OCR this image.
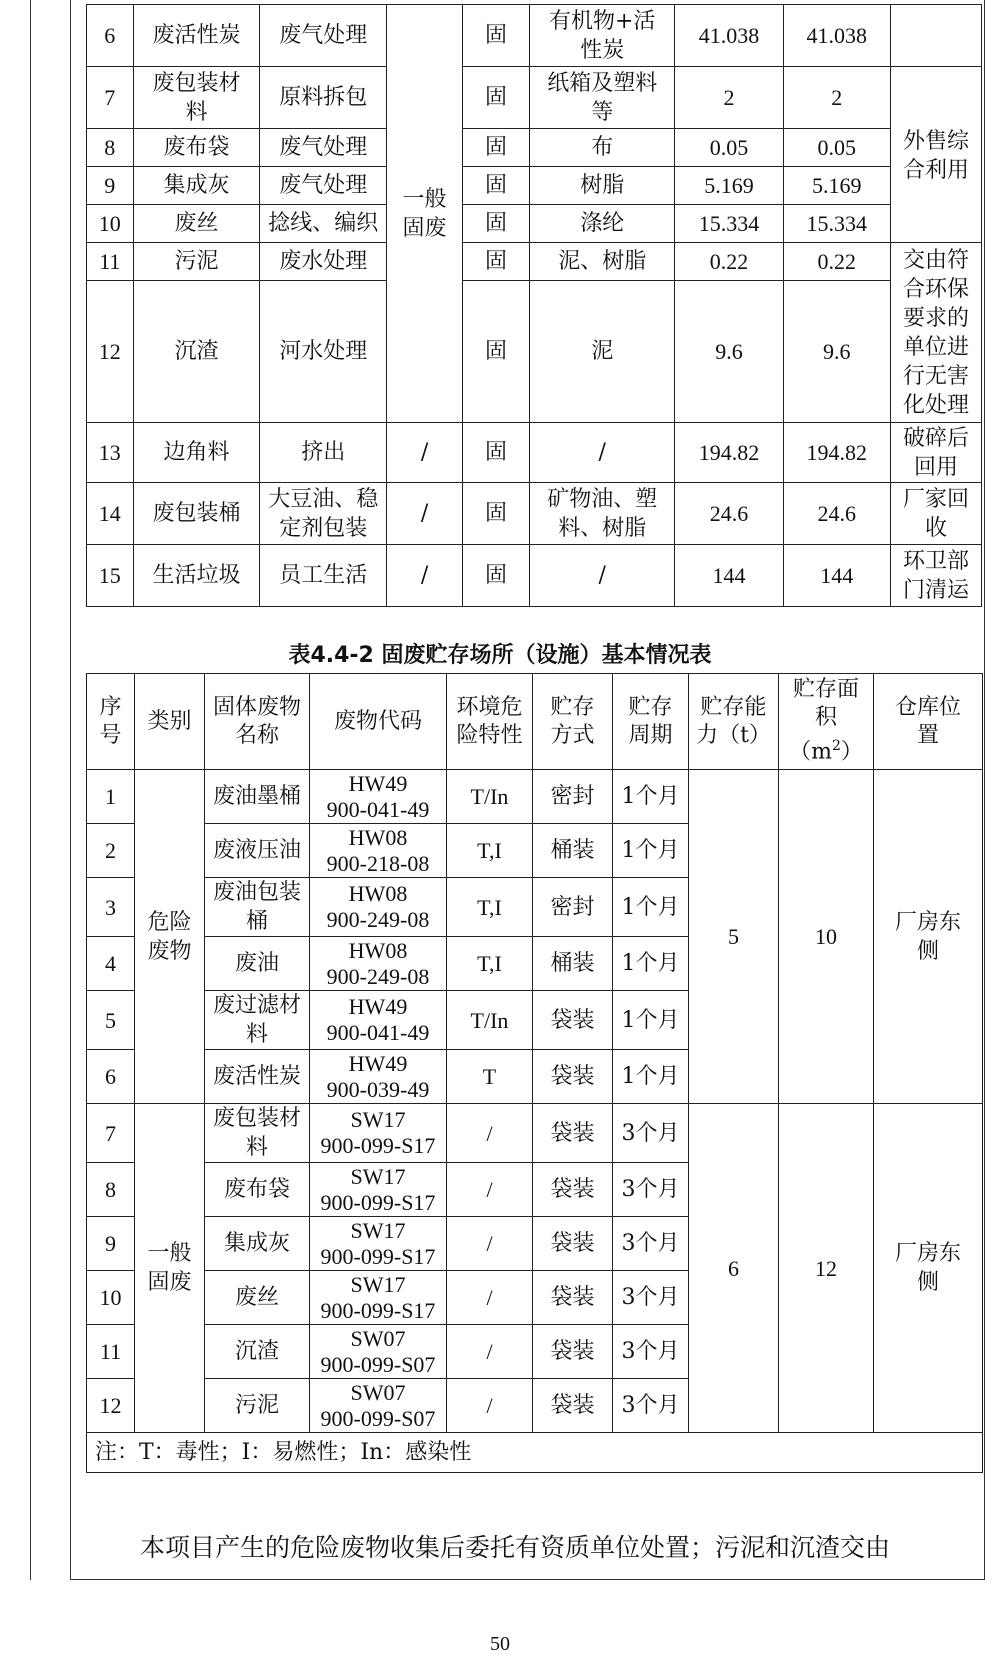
6	废活性炭	废气处理	一般固废	固	有机物+活性炭	41.038	41.038	
7	废包装材料	原料拆包		固	纸箱及塑料等	2	2	外售综合利用
8	废布袋	废气处理		固	布	0.05	0.05	
9	集成灰	废气处理		固	树脂	5.169	5.169	
10	废丝	捻线、编织		固	涤纶	15.334	15.334	
11	污泥	废水处理		固	泥、树脂	0.22	0.22	交由符合环保要求的单位进行无害化处理
12	沉渣	河水处理		固	泥	9.6	9.6	
13	边角料	挤出	/	固	/	194.82	194.82	破碎后回用
14	废包装桶	大豆油、稳定剂包装	/	固	矿物油、塑料、树脂	24.6	24.6	厂家回收
15	生活垃圾	员工生活	/	固	/	144	144	环卫部门清运
表4.4-2 固废贮存场所（设施）基本情况表
序号	类别	固体废物名称	废物代码	环境危险特性	贮存方式	贮存周期	贮存能力（t）	贮存面积$(m^2)$	仓库位置
1	危险废物	废油墨桶	HW49
900-041-49	T/In	密封	1个月	5	10	厂房东侧
2		废液压油	HW08
900-218-08	T,I	桶装	1个月			
3		废油包装桶	HW08
900-249-08	T,I	密封	1个月			
4		废油	HW08
900-249-08	T,I	桶装	1个月			
5		废过滤材料	HW49
900-041-49	T/In	袋装	1个月			
6		废活性炭	HW49
900-039-49	T	袋装	1个月			
7	一般固废	废包装材料	SW17
900-099-S17	/	袋装	3个月	6	12	厂房东侧
8		废布袋	SW17
900-099-S17	/	袋装	3个月			
9		集成灰	SW17
900-099-S17	/	袋装	3个月			
10		废丝	SW17
900-099-S17	/	袋装	3个月			
11		沉渣	SW07
900-099-S07	/	袋装	3个月			
12		污泥	SW07
900-099-S07	/	袋装	3个月			
注：T：毒性；I：易燃性；In：感染性									
本项目产生的危险废物收集后委托有资质单位处置；污泥和沉渣交由
50
